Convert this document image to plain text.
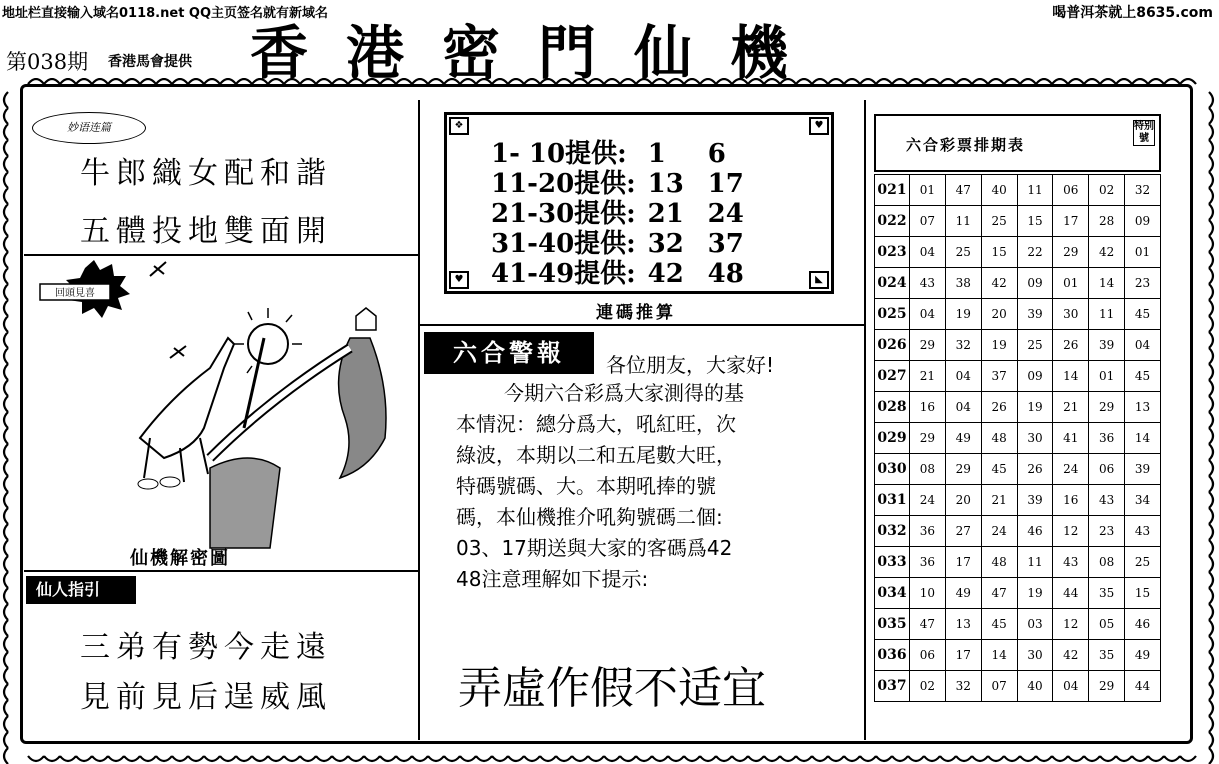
地址栏直接输入域名0118.net QQ主页签名就有新域名	喝普洱茶就上8635.com
第038期 香港馬會提供 香港密門仙機
妙语连篇
牛郎織女配和諧
五體投地雙面開
回頭見喜
仙機解密圖
仙人指引
三弟有勢今走遠
見前見后逞威風
❖	♥
♥	◣
1- 10提供: 1 6
11-20提供: 13 17
21-30提供: 21 24
31-40提供: 32 37
41-49提供: 42 48
連碼推算
六合警報	各位朋友，大家好!
今期六合彩爲大家測得的基
本情況：總分爲大，吼紅旺，次
綠波，本期以二和五尾數大旺，
特碼號碼、大。本期吼捧的號
碼，本仙機推介吼夠號碼二個:
03、17期送與大家的客碼爲42
48注意理解如下提示:
弄虛作假不适宜
六合彩票排期表
特别號
021	01	47	40	11	06	02	32
022	07	11	25	15	17	28	09
023	04	25	15	22	29	42	01
024	43	38	42	09	01	14	23
025	04	19	20	39	30	11	45
026	29	32	19	25	26	39	04
027	21	04	37	09	14	01	45
028	16	04	26	19	21	29	13
029	29	49	48	30	41	36	14
030	08	29	45	26	24	06	39
031	24	20	21	39	16	43	34
032	36	27	24	46	12	23	43
033	36	17	48	11	43	08	25
034	10	49	47	19	44	35	15
035	47	13	45	03	12	05	46
036	06	17	14	30	42	35	49
037	02	32	07	40	04	29	44
